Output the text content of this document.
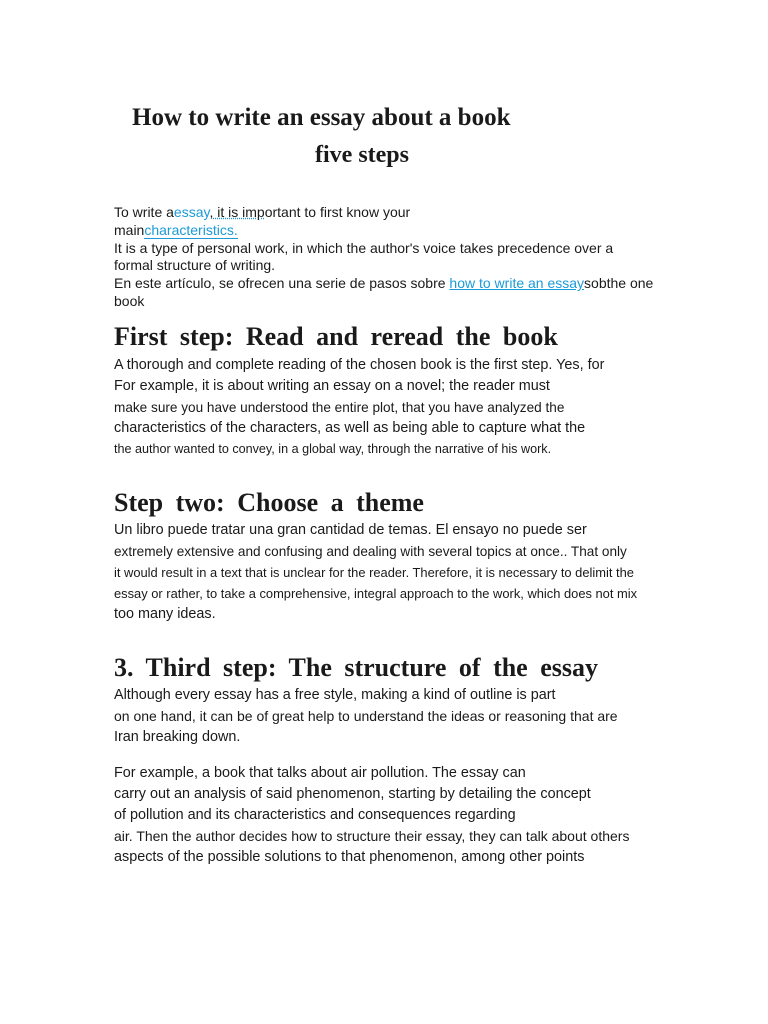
How to write an essay about a book
five steps
To write aessay, it is important to first know your
maincharacteristics.
It is a type of personal work, in which the author's voice takes precedence over a
formal structure of writing.
En este artículo, se ofrecen una serie de pasos sobre how to write an essaysobthe one
book
First step: Read and reread the book
A thorough and complete reading of the chosen book is the first step. Yes, for
For example, it is about writing an essay on a novel; the reader must
make sure you have understood the entire plot, that you have analyzed the
characteristics of the characters, as well as being able to capture what the
the author wanted to convey, in a global way, through the narrative of his work.
Step two: Choose a theme
Un libro puede tratar una gran cantidad de temas. El ensayo no puede ser
extremely extensive and confusing and dealing with several topics at once.. That only
it would result in a text that is unclear for the reader. Therefore, it is necessary to delimit the
essay or rather, to take a comprehensive, integral approach to the work, which does not mix
too many ideas.
3. Third step: The structure of the essay
Although every essay has a free style, making a kind of outline is part
on one hand, it can be of great help to understand the ideas or reasoning that are
Iran breaking down.
For example, a book that talks about air pollution. The essay can
carry out an analysis of said phenomenon, starting by detailing the concept
of pollution and its characteristics and consequences regarding
air. Then the author decides how to structure their essay, they can talk about others
aspects of the possible solutions to that phenomenon, among other points
